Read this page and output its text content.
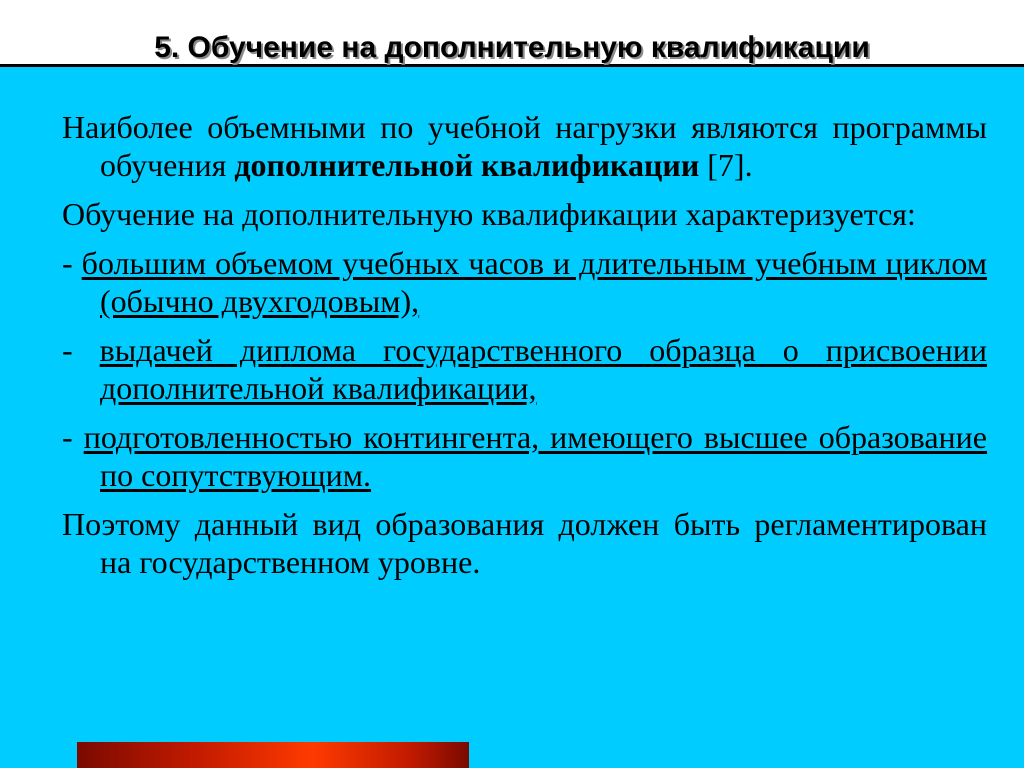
5. Обучение на дополнительную квалификации

Наиболее объемными по учебной нагрузки являются программы обучения дополнительной квалификации [7].

Обучение на дополнительную квалификации характеризуется:

- большим объемом учебных часов и длительным учебным циклом (обычно двухгодовым),

- выдачей диплома государственного образца о присвоении дополнительной квалификации,

- подготовленностью контингента, имеющего высшее образование по сопутствующим.

Поэтому данный вид образования должен быть регламентирован на государственном уровне.
